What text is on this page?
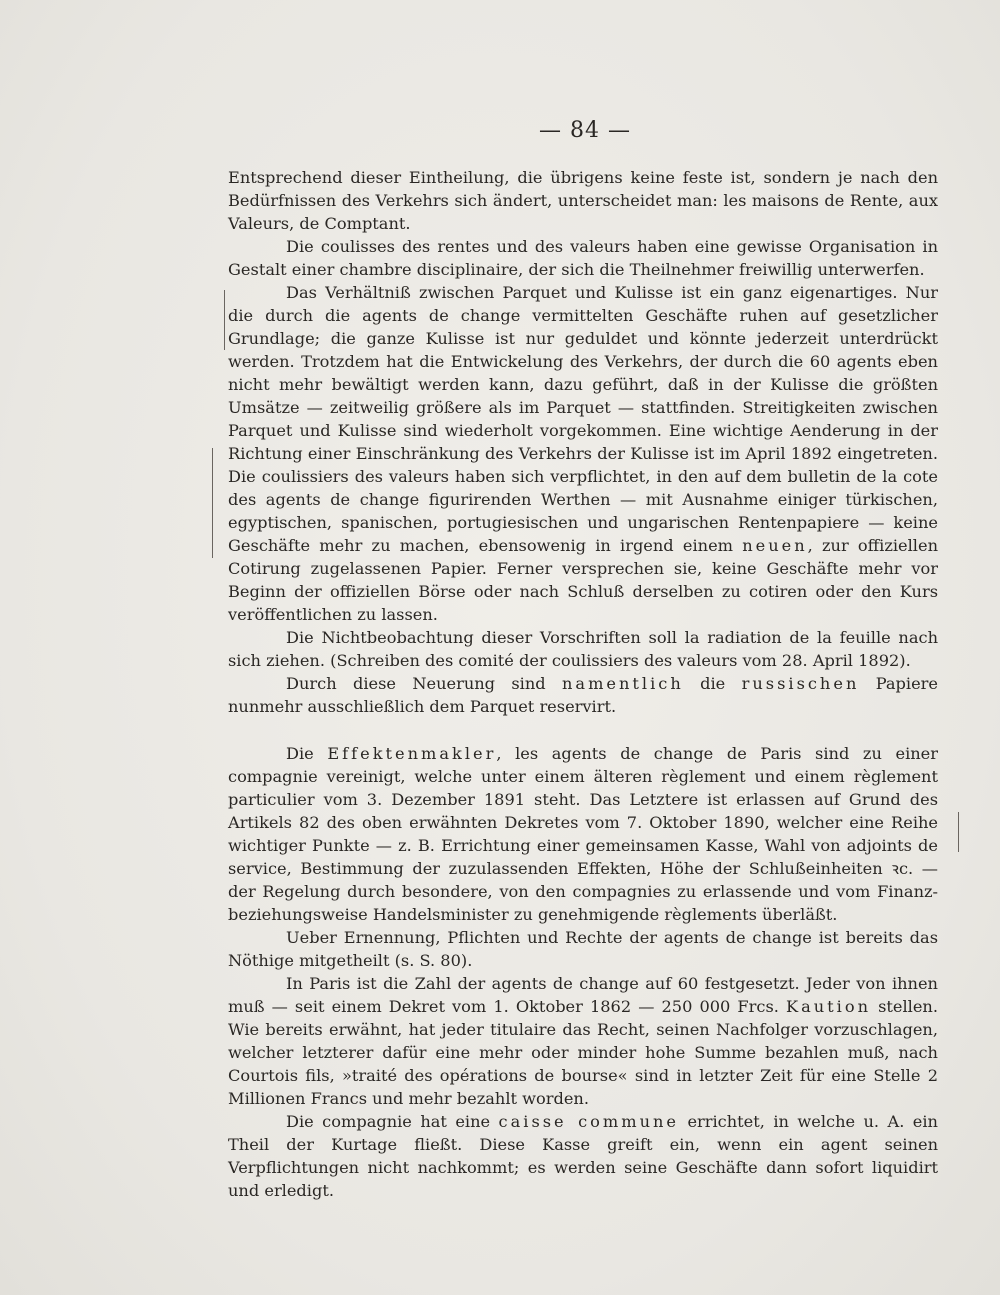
— 84 —

Entsprechend dieser Eintheilung, die übrigens keine feste ist, sondern je nach den Bedürfnissen des Verkehrs sich ändert, unterscheidet man: les maisons de Rente, aux Valeurs, de Comptant.

Die coulisses des rentes und des valeurs haben eine gewisse Organisation in Gestalt einer chambre disciplinaire, der sich die Theilnehmer freiwillig unterwerfen.

Das Verhältniß zwischen Parquet und Kulisse ist ein ganz eigenartiges. Nur die durch die agents de change vermittelten Geschäfte ruhen auf gesetzlicher Grundlage; die ganze Kulisse ist nur geduldet und könnte jederzeit unterdrückt werden. Trotzdem hat die Entwickelung des Verkehrs, der durch die 60 agents eben nicht mehr bewältigt werden kann, dazu geführt, daß in der Kulisse die größten Umsätze — zeitweilig größere als im Parquet — stattfinden. Streitigkeiten zwischen Parquet und Kulisse sind wiederholt vorgekommen. Eine wichtige Aenderung in der Richtung einer Einschränkung des Verkehrs der Kulisse ist im April 1892 eingetreten. Die coulissiers des valeurs haben sich verpflichtet, in den auf dem bulletin de la cote des agents de change figurirenden Werthen — mit Ausnahme einiger türkischen, egyptischen, spanischen, portugiesischen und ungarischen Rentenpapiere — keine Geschäfte mehr zu machen, ebensowenig in irgend einem neuen, zur offiziellen Cotirung zugelassenen Papier. Ferner versprechen sie, keine Geschäfte mehr vor Beginn der offiziellen Börse oder nach Schluß derselben zu cotiren oder den Kurs veröffentlichen zu lassen.

Die Nichtbeobachtung dieser Vorschriften soll la radiation de la feuille nach sich ziehen. (Schreiben des comité der coulissiers des valeurs vom 28. April 1892).

Durch diese Neuerung sind namentlich die russischen Papiere nunmehr ausschließlich dem Parquet reservirt.

Die Effektenmakler, les agents de change de Paris sind zu einer compagnie vereinigt, welche unter einem älteren règlement und einem règlement particulier vom 3. Dezember 1891 steht. Das Letztere ist erlassen auf Grund des Artikels 82 des oben erwähnten Dekretes vom 7. Oktober 1890, welcher eine Reihe wichtiger Punkte — z. B. Errichtung einer gemeinsamen Kasse, Wahl von adjoints de service, Bestimmung der zuzulassenden Effekten, Höhe der Schlußeinheiten ꝛc. — der Regelung durch besondere, von den compagnies zu erlassende und vom Finanz- beziehungsweise Handelsminister zu genehmigende règlements überläßt.

Ueber Ernennung, Pflichten und Rechte der agents de change ist bereits das Nöthige mitgetheilt (s. S. 80).

In Paris ist die Zahl der agents de change auf 60 festgesetzt. Jeder von ihnen muß — seit einem Dekret vom 1. Oktober 1862 — 250 000 Frcs. Kaution stellen. Wie bereits erwähnt, hat jeder titulaire das Recht, seinen Nachfolger vorzuschlagen, welcher letzterer dafür eine mehr oder minder hohe Summe bezahlen muß, nach Courtois fils, »traité des opérations de bourse« sind in letzter Zeit für eine Stelle 2 Millionen Francs und mehr bezahlt worden.

Die compagnie hat eine caisse commune errichtet, in welche u. A. ein Theil der Kurtage fließt. Diese Kasse greift ein, wenn ein agent seinen Verpflichtungen nicht nachkommt; es werden seine Geschäfte dann sofort liquidirt und erledigt.
